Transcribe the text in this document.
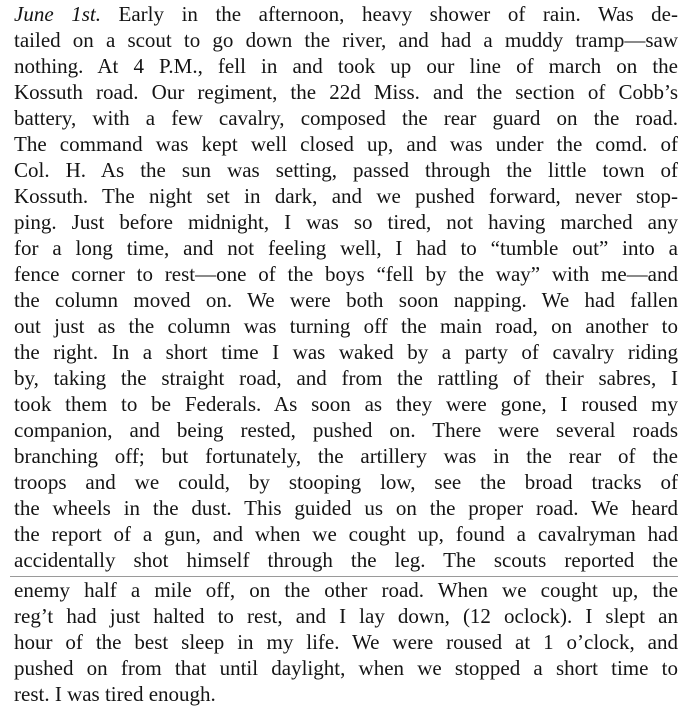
June 1st. Early in the afternoon, heavy shower of rain. Was de-
tailed on a scout to go down the river, and had a muddy tramp—saw
nothing. At 4 P.M., fell in and took up our line of march on the
Kossuth road. Our regiment, the 22d Miss. and the section of Cobb’s
battery, with a few cavalry, composed the rear guard on the road.
The command was kept well closed up, and was under the comd. of
Col. H. As the sun was setting, passed through the little town of
Kossuth. The night set in dark, and we pushed forward, never stop-
ping. Just before midnight, I was so tired, not having marched any
for a long time, and not feeling well, I had to “tumble out” into a
fence corner to rest—one of the boys “fell by the way” with me—and
the column moved on. We were both soon napping. We had fallen
out just as the column was turning off the main road, on another to
the right. In a short time I was waked by a party of cavalry riding
by, taking the straight road, and from the rattling of their sabres, I
took them to be Federals. As soon as they were gone, I roused my
companion, and being rested, pushed on. There were several roads
branching off; but fortunately, the artillery was in the rear of the
troops and we could, by stooping low, see the broad tracks of
the wheels in the dust. This guided us on the proper road. We heard
the report of a gun, and when we cought up, found a cavalryman had
accidentally shot himself through the leg. The scouts reported the
enemy half a mile off, on the other road. When we cought up, the
reg’t had just halted to rest, and I lay down, (12 oclock). I slept an
hour of the best sleep in my life. We were roused at 1 o’clock, and
pushed on from that until daylight, when we stopped a short time to
rest. I was tired enough.
